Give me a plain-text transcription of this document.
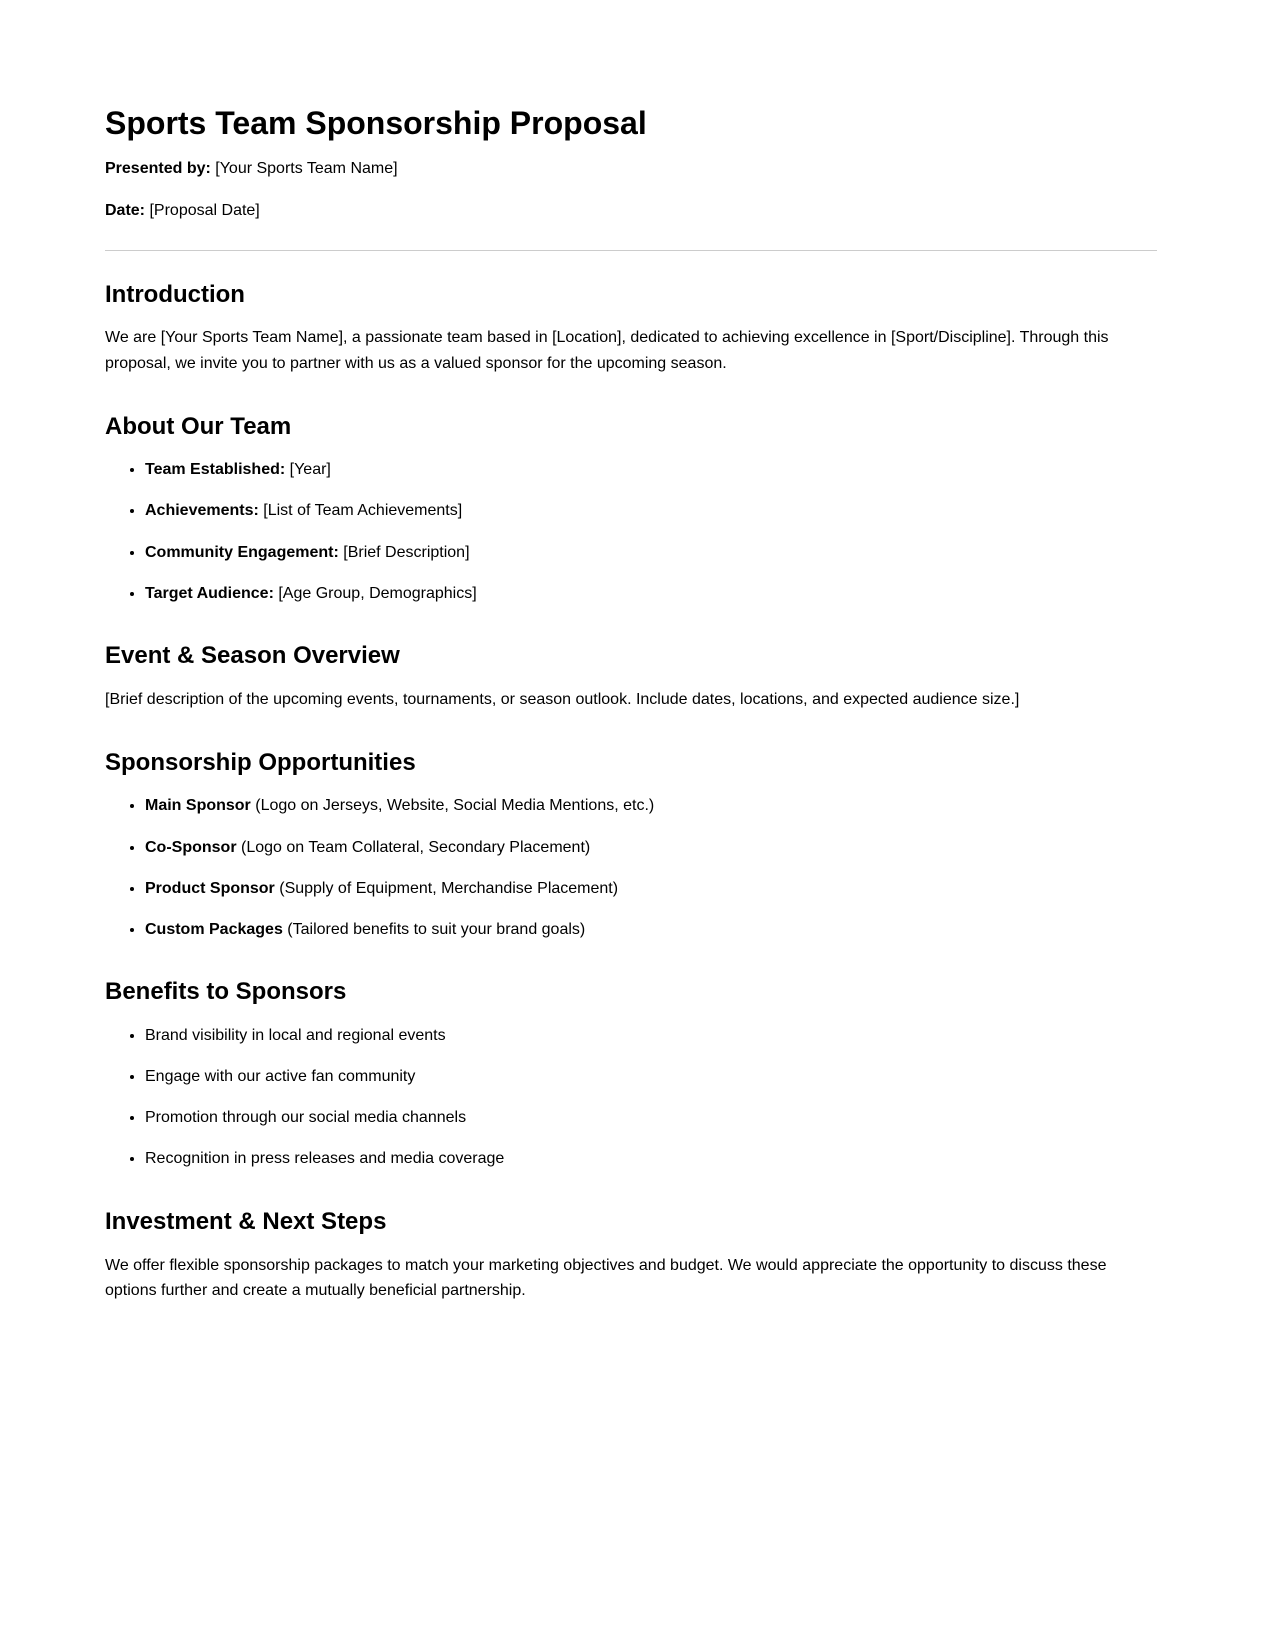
Sports Team Sponsorship Proposal

Presented by: [Your Sports Team Name]

Date: [Proposal Date]

Introduction

We are [Your Sports Team Name], a passionate team based in [Location], dedicated to achieving excellence in [Sport/Discipline]. Through this proposal, we invite you to partner with us as a valued sponsor for the upcoming season.

About Our Team
• Team Established: [Year]
• Achievements: [List of Team Achievements]
• Community Engagement: [Brief Description]
• Target Audience: [Age Group, Demographics]
Event & Season Overview

[Brief description of the upcoming events, tournaments, or season outlook. Include dates, locations, and expected audience size.]

Sponsorship Opportunities
• Main Sponsor (Logo on Jerseys, Website, Social Media Mentions, etc.)
• Co-Sponsor (Logo on Team Collateral, Secondary Placement)
• Product Sponsor (Supply of Equipment, Merchandise Placement)
• Custom Packages (Tailored benefits to suit your brand goals)
Benefits to Sponsors
• Brand visibility in local and regional events
• Engage with our active fan community
• Promotion through our social media channels
• Recognition in press releases and media coverage
Investment & Next Steps

We offer flexible sponsorship packages to match your marketing objectives and budget. We would appreciate the opportunity to discuss these options further and create a mutually beneficial partnership.
